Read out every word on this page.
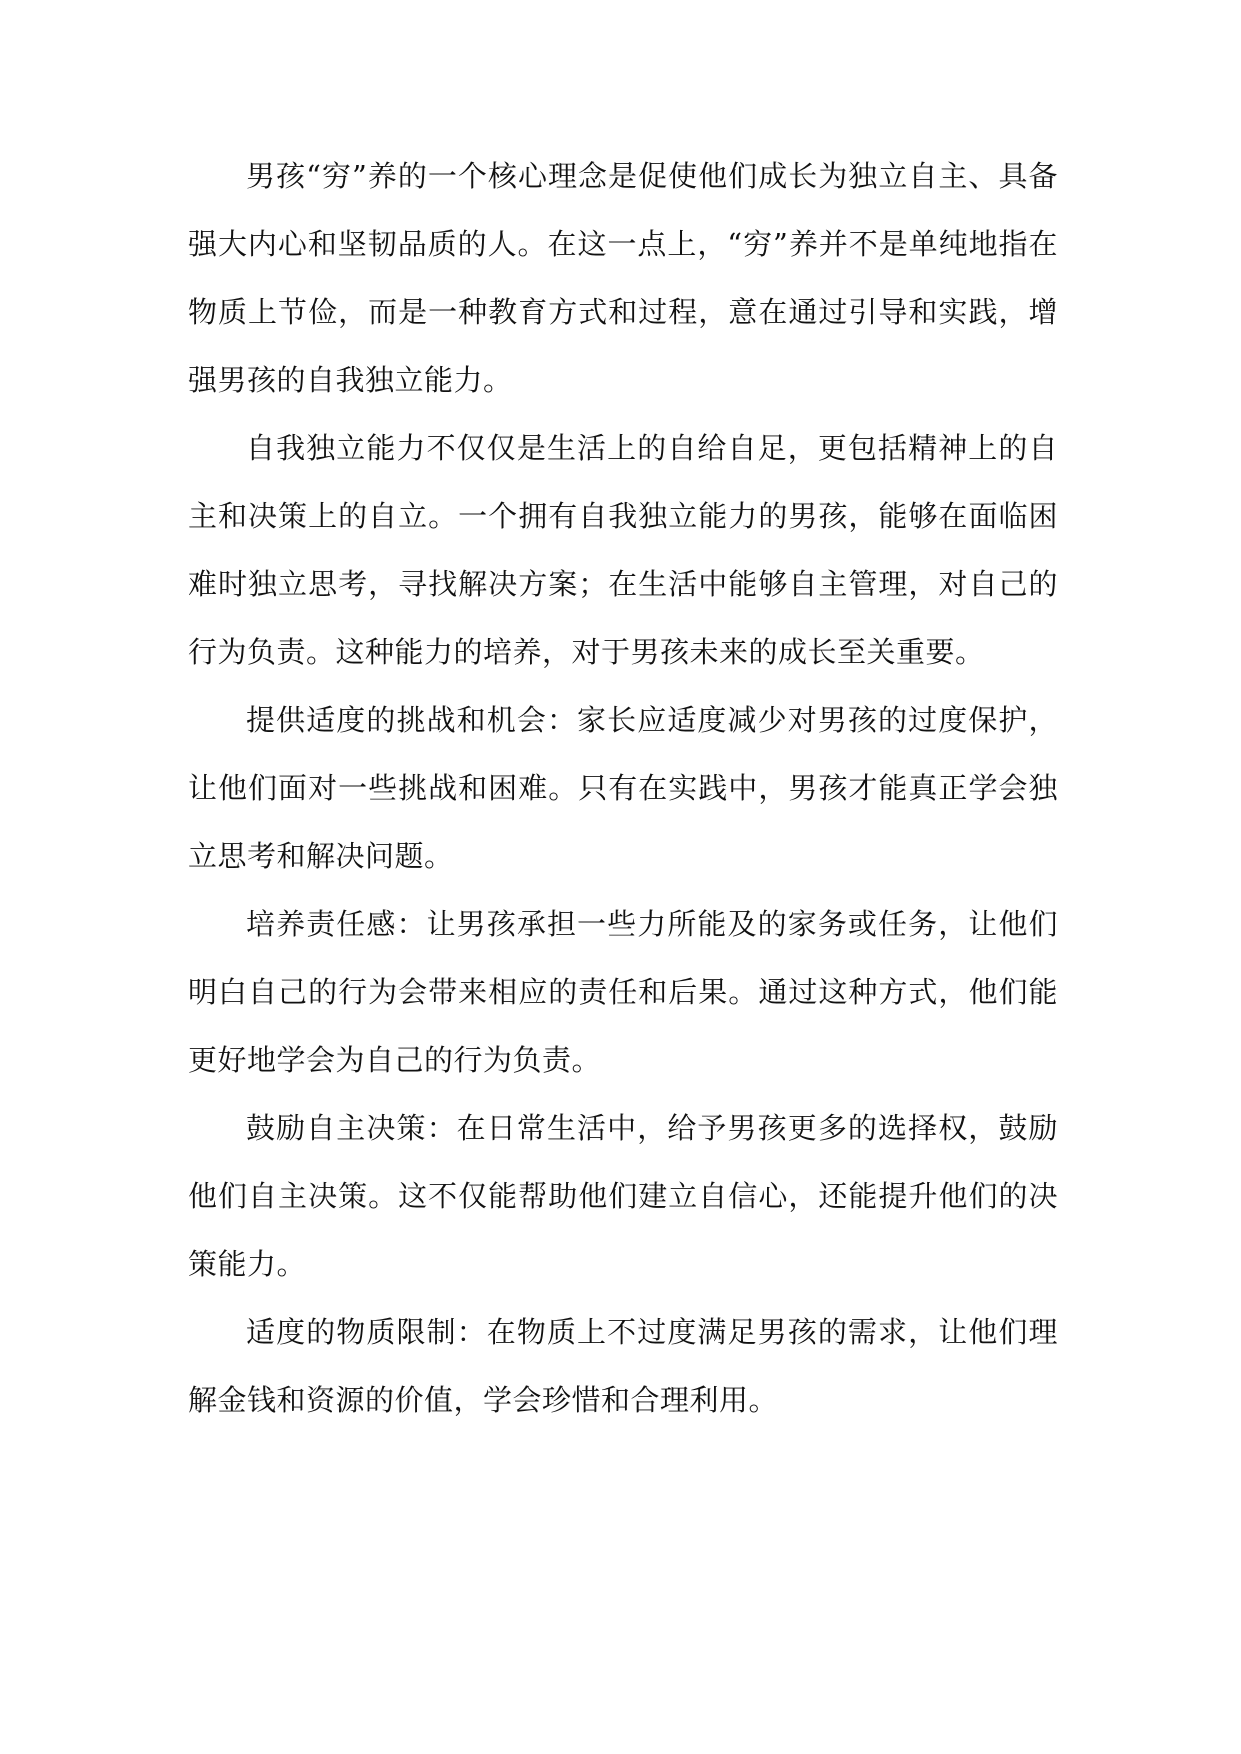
男孩“穷”养的一个核心理念是促使他们成长为独立自主、具备强大内心和坚韧品质的人。在这一点上，“穷”养并不是单纯地指在物质上节俭，而是一种教育方式和过程，意在通过引导和实践，增强男孩的自我独立能力。

自我独立能力不仅仅是生活上的自给自足，更包括精神上的自主和决策上的自立。一个拥有自我独立能力的男孩，能够在面临困难时独立思考，寻找解决方案；在生活中能够自主管理，对自己的行为负责。这种能力的培养，对于男孩未来的成长至关重要。

提供适度的挑战和机会：家长应适度减少对男孩的过度保护，让他们面对一些挑战和困难。只有在实践中，男孩才能真正学会独立思考和解决问题。

培养责任感：让男孩承担一些力所能及的家务或任务，让他们明白自己的行为会带来相应的责任和后果。通过这种方式，他们能更好地学会为自己的行为负责。

鼓励自主决策：在日常生活中，给予男孩更多的选择权，鼓励他们自主决策。这不仅能帮助他们建立自信心，还能提升他们的决策能力。

适度的物质限制：在物质上不过度满足男孩的需求，让他们理解金钱和资源的价值，学会珍惜和合理利用。
